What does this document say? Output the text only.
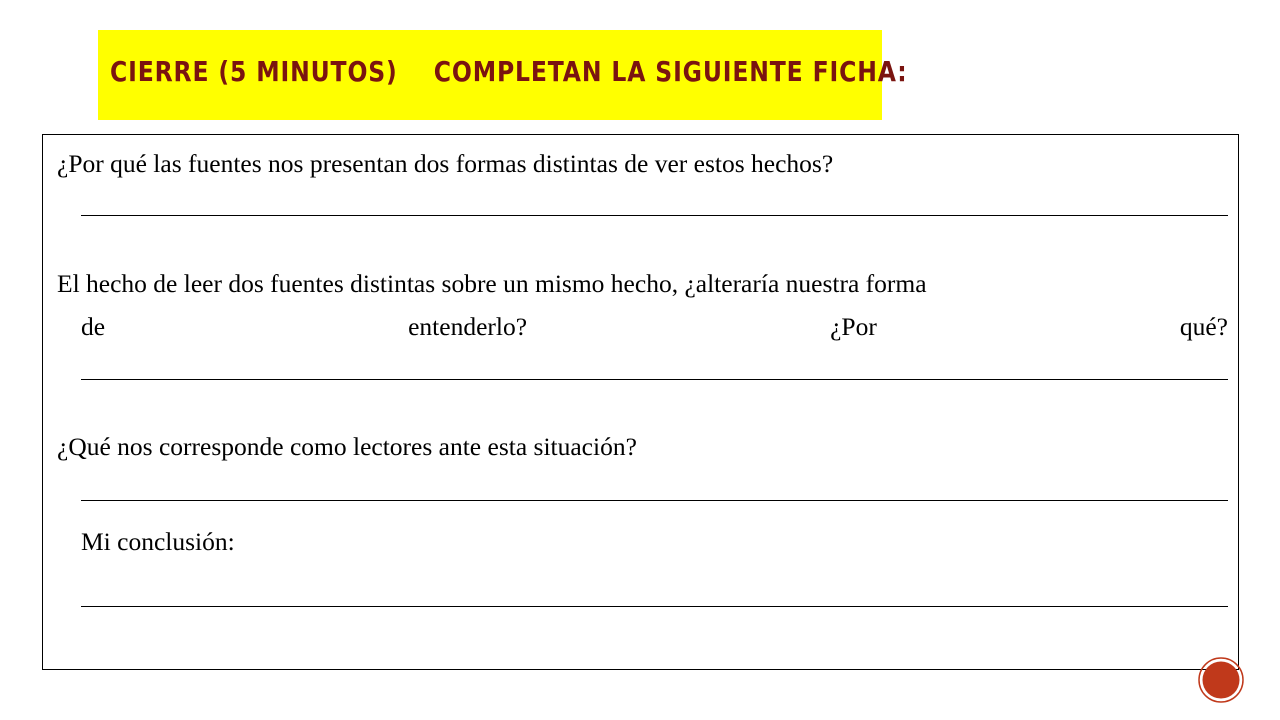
CIERRE (5 MINUTOS)    COMPLETAN LA SIGUIENTE FICHA:
¿Por qué las fuentes nos presentan dos formas distintas de ver estos hechos?
El hecho de leer dos fuentes distintas sobre un mismo hecho, ¿alteraría nuestra forma
de	entenderlo?	¿Por	qué?
¿Qué nos corresponde como lectores ante esta situación?
Mi conclusión:
